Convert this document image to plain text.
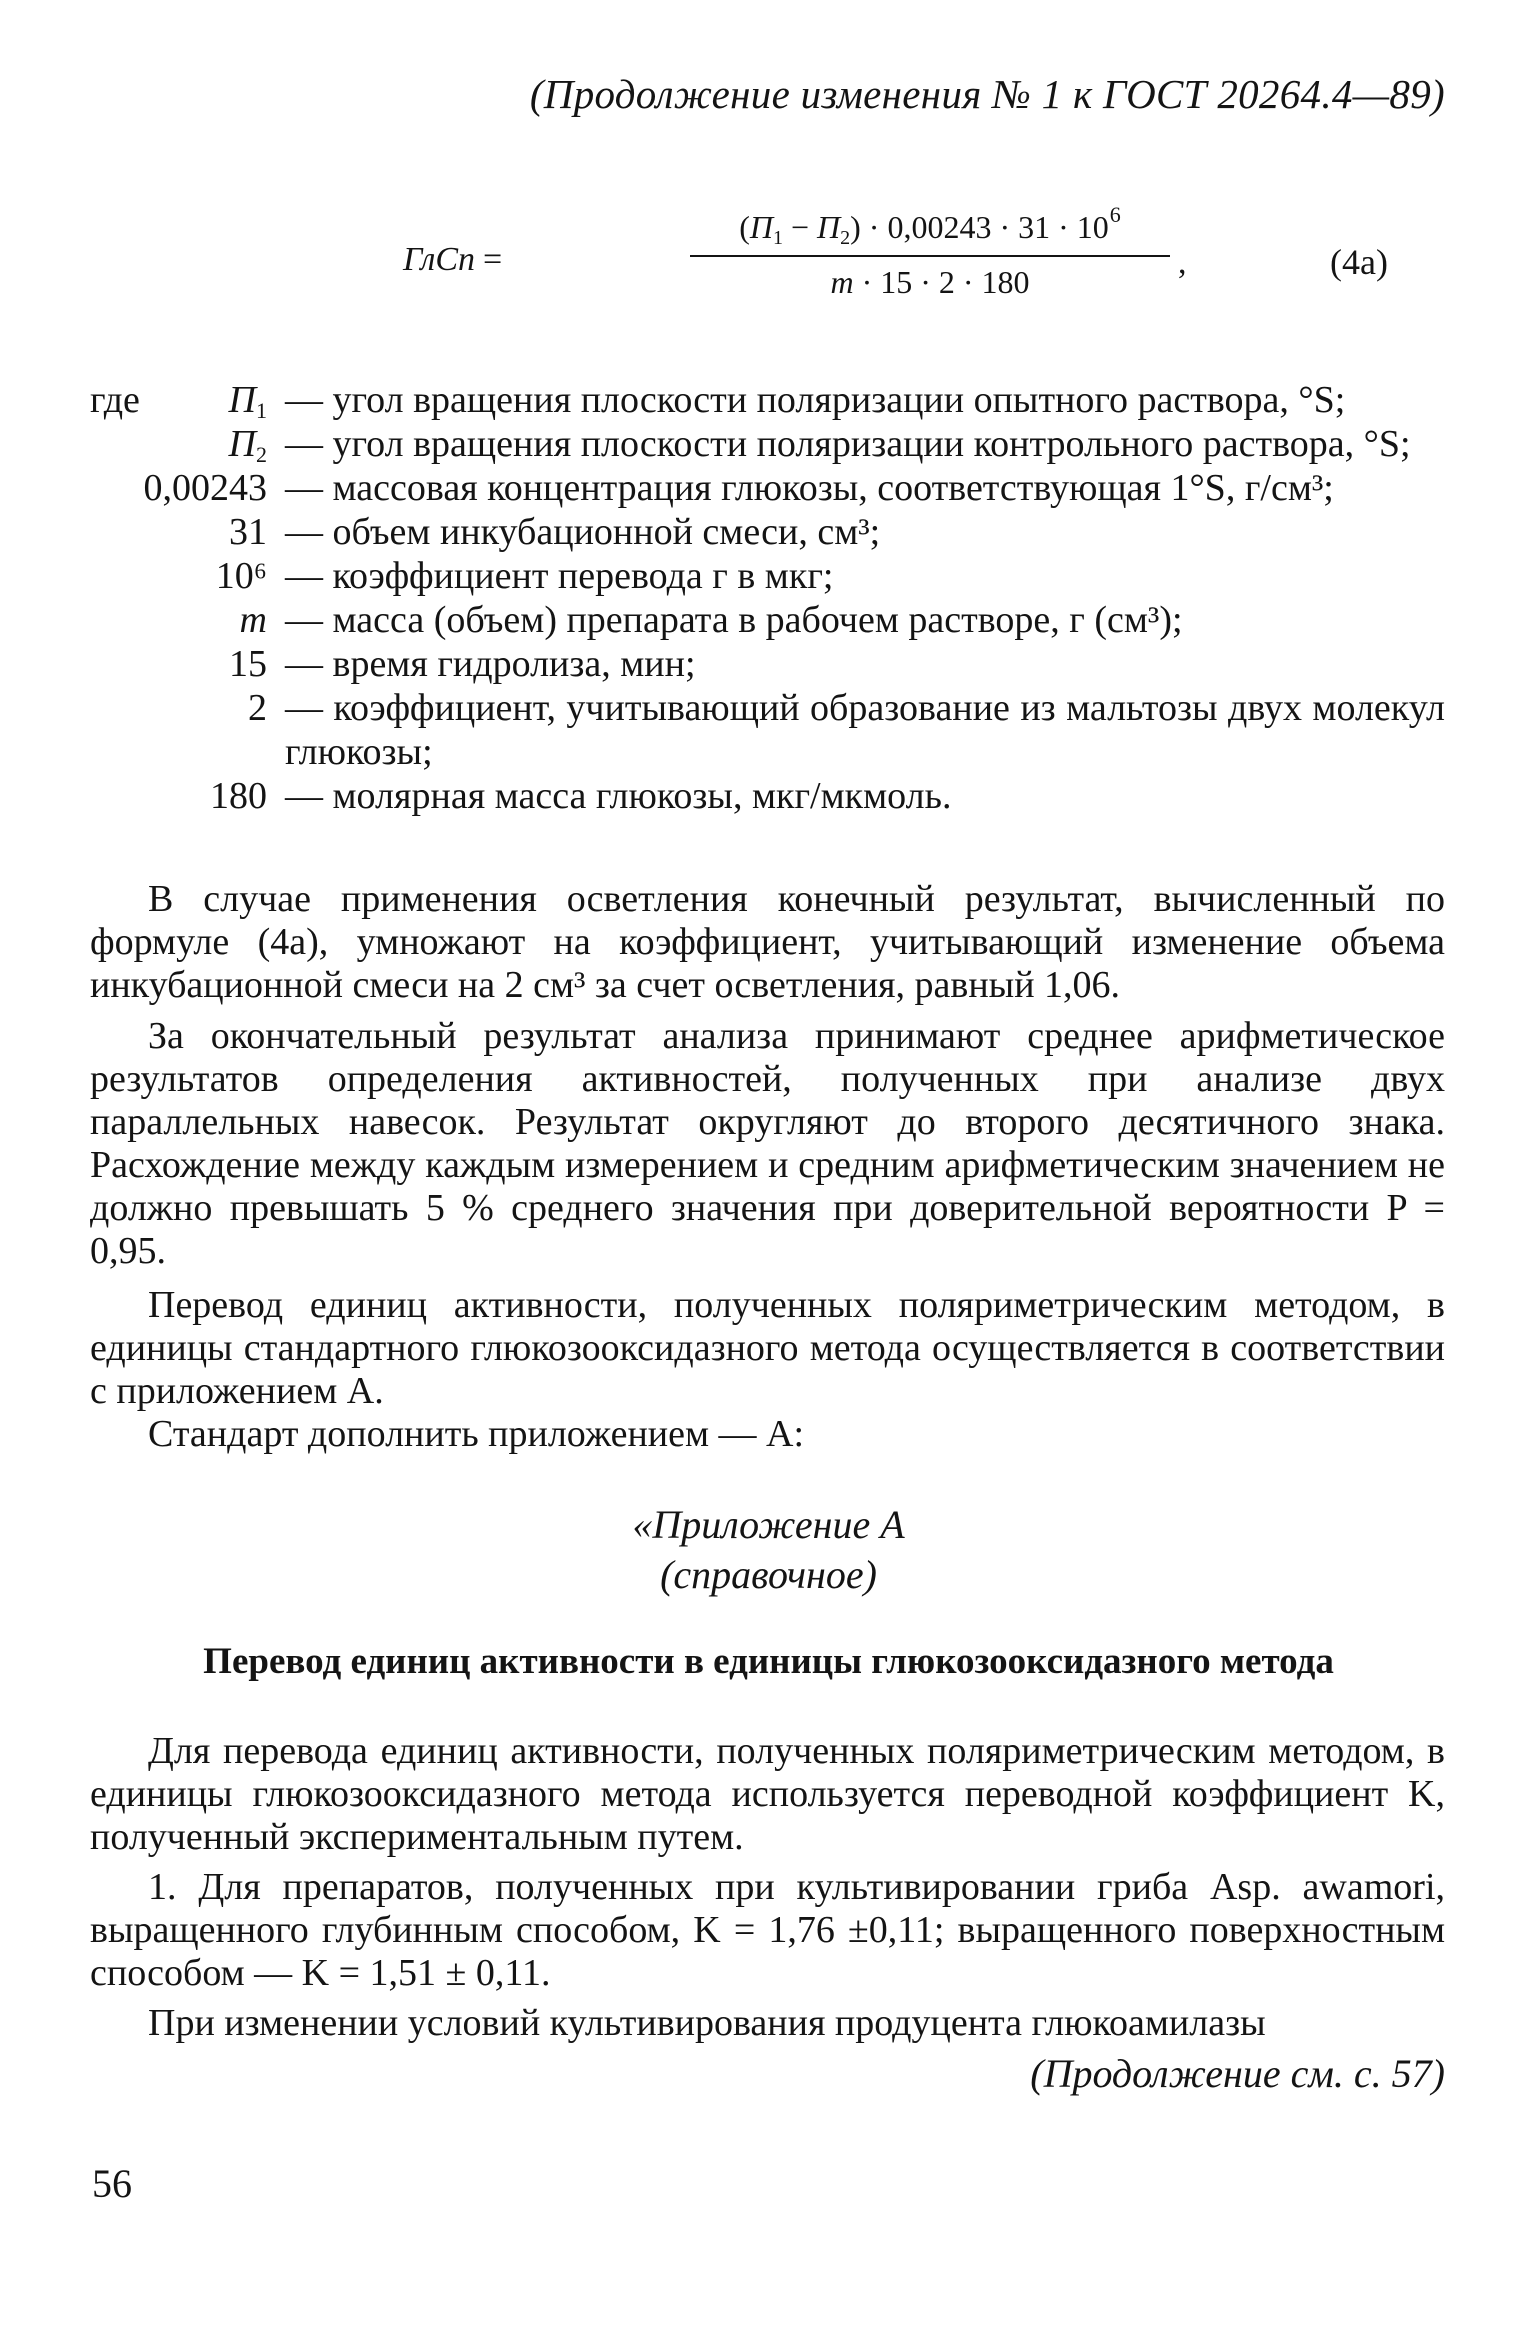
(Продолжение изменения № 1 к ГОСТ 20264.4—89)
ГлСп =
$(П1 - П2) \cdot 0,00243 \cdot 31 \cdot 10^6$
m · 15 · 2 · 180
,	(4а)
где П1 — угол вращения плоскости поляризации опытного раствора, °S;
П2 — угол вращения плоскости поляризации контрольного раствора, °S;
0,00243 — массовая концентрация глюкозы, соответствующая 1°S, г/см³;
31 — объем инкубационной смеси, см³;
10⁶ — коэффициент перевода г в мкг;
m — масса (объем) препарата в рабочем растворе, г (см³);
15 — время гидролиза, мин;
2 — коэффициент, учитывающий образование из мальтозы двух молекул глюкозы;
180 — молярная масса глюкозы, мкг/мкмоль.
В случае применения осветления конечный результат, вычисленный по формуле (4а), умножают на коэффициент, учитывающий изменение объема инкубационной смеси на 2 см³ за счет осветления, равный 1,06.
За окончательный результат анализа принимают среднее арифметическое результатов определения активностей, полученных при анализе двух параллельных навесок. Результат округляют до второго десятичного знака. Расхождение между каждым измерением и средним арифметическим значением не должно превышать 5 % среднего значения при доверительной вероятности P = 0,95.
Перевод единиц активности, полученных поляриметрическим методом, в единицы стандартного глюкозооксидазного метода осуществляется в соответствии с приложением А.
Стандарт дополнить приложением — А:
«Приложение А
(справочное)
Перевод единиц активности в единицы глюкозооксидазного метода
Для перевода единиц активности, полученных поляриметрическим методом, в единицы глюкозооксидазного метода используется переводной коэффициент K, полученный экспериментальным путем.
1. Для препаратов, полученных при культивировании гриба Asp. awamori, выращенного глубинным способом, K = 1,76 ±0,11; выращенного поверхностным способом — K = 1,51 ± 0,11.
При изменении условий культивирования продуцента глюкоамилазы
(Продолжение см. с. 57)
56
